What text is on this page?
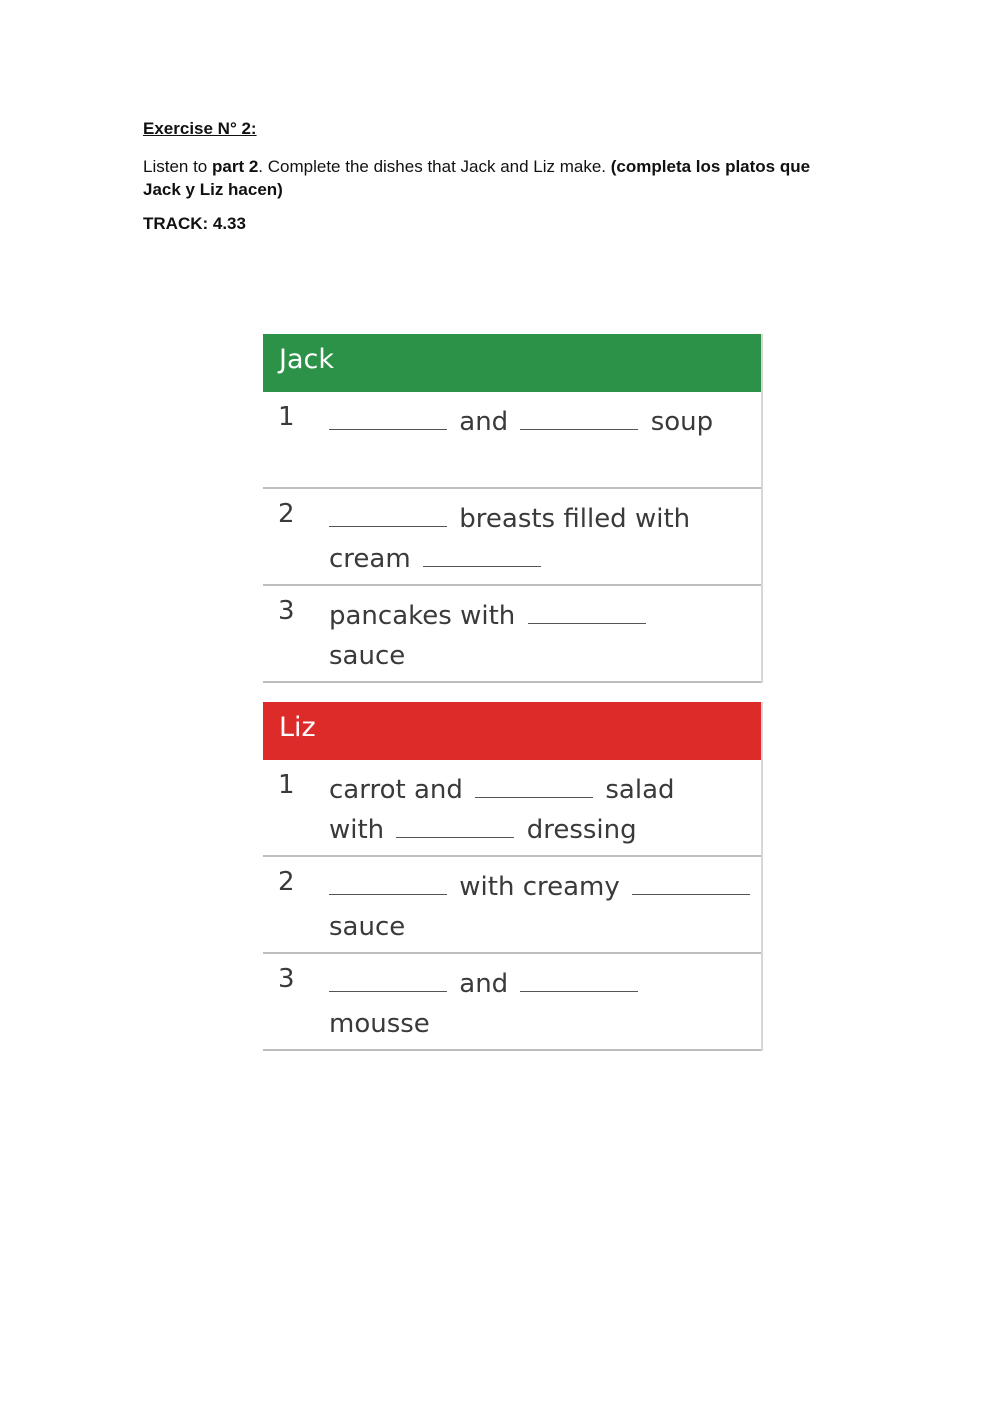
Exercise N° 2:
Listen to part 2. Complete the dishes that Jack and Liz make. (completa los platos que Jack y Liz hacen)
TRACK: 4.33
Jack
1	and	soup
2	breasts filled with
cream
3 pancakes with
sauce
Liz
1 carrot and	salad
with	dressing
2	with creamy
sauce
3	and
mousse
